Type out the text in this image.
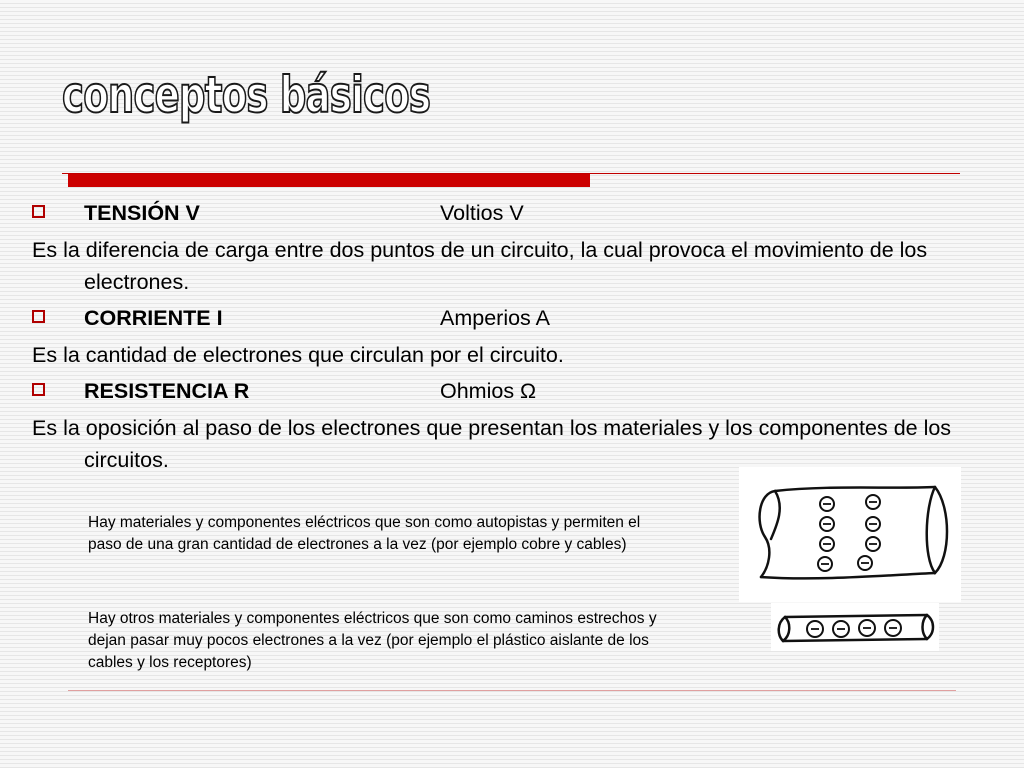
conceptos básicos
TENSIÓN V	Voltios V

Es la diferencia de carga entre dos puntos de un circuito, la cual provoca el movimiento de los electrones.

CORRIENTE I	Amperios A

Es la cantidad de electrones que circulan por el circuito.

RESISTENCIA R	Ohmios Ω

Es la oposición al paso de los electrones que presentan los materiales y los componentes de los circuitos.

Hay materiales y componentes eléctricos que son como autopistas y permiten el paso de una gran cantidad de electrones a la vez (por ejemplo cobre y cables)

Hay otros materiales y componentes eléctricos que son como caminos estrechos y dejan pasar muy pocos electrones a la vez (por ejemplo el plástico aislante de los cables y los receptores)
